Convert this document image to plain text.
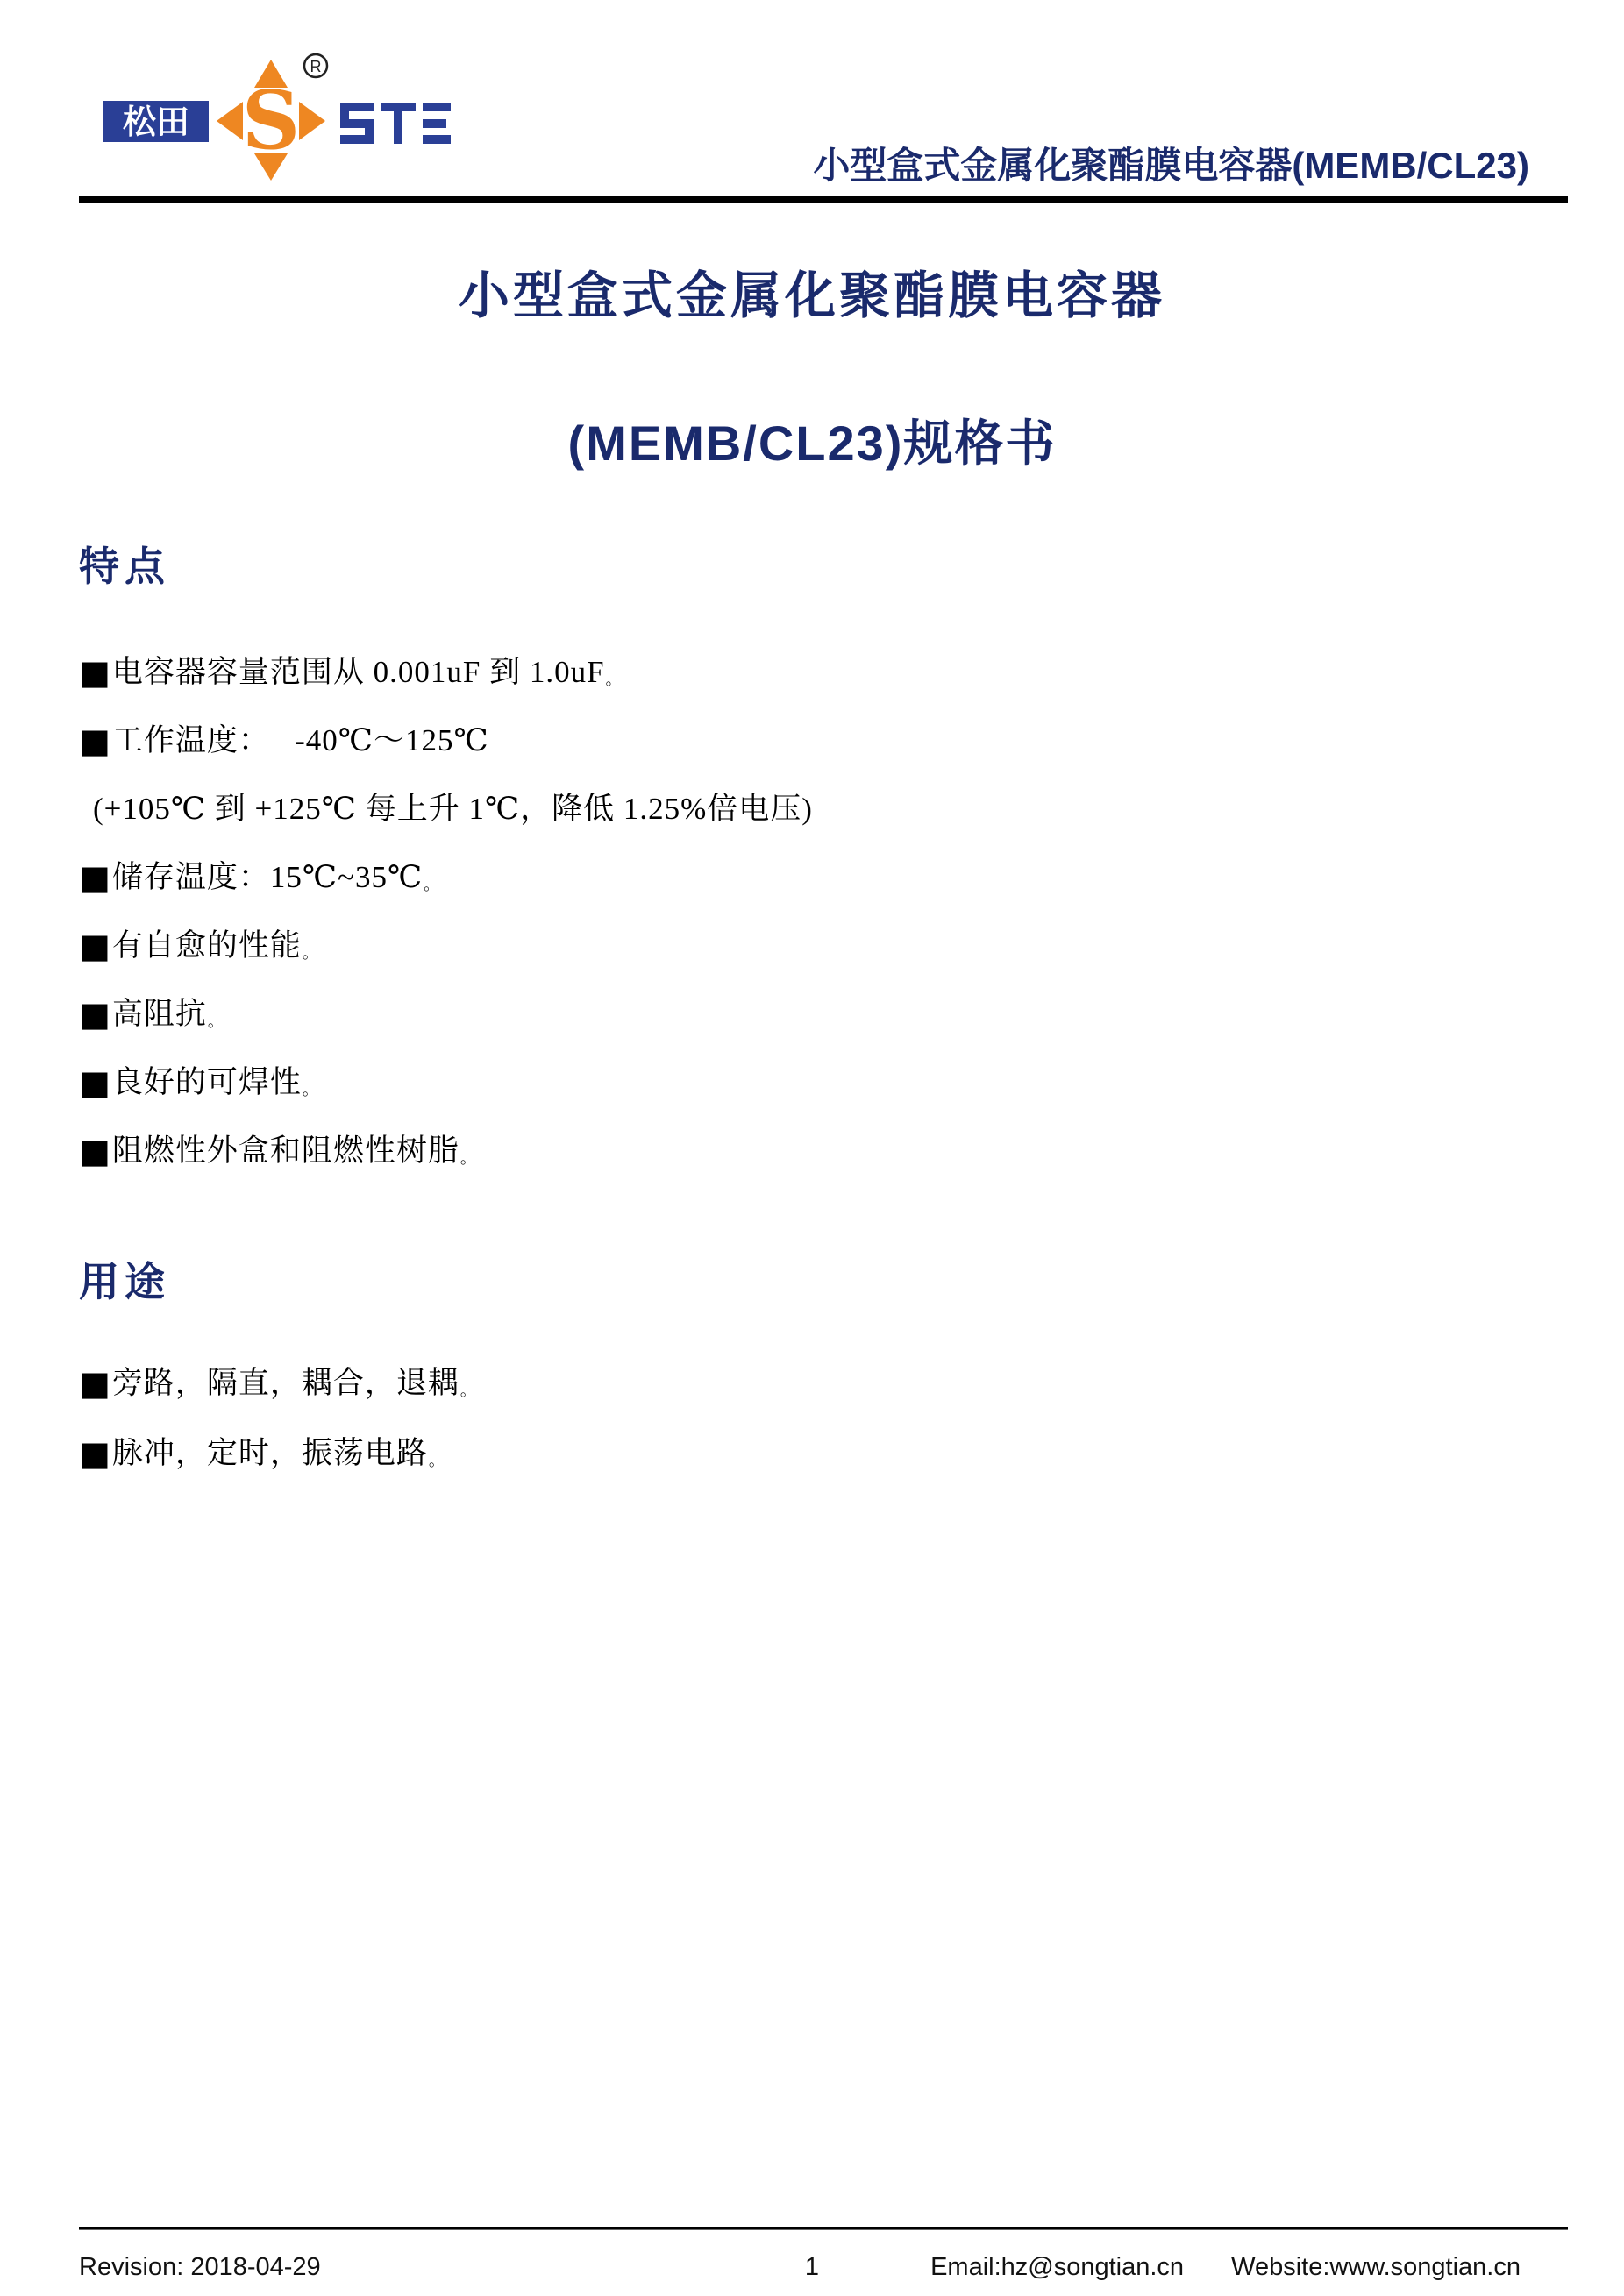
松田 S
R
小型盒式金属化聚酯膜电容器(MEMB/CL23)
小型盒式金属化聚酯膜电容器
(MEMB/CL23)规格书
特点
■ 电容器容量范围从 0.001uF 到 1.0uF 。
■ 工作温度：　 -40℃～125℃
(+105℃ 到 +125℃ 每上升 1℃，降低 1.25%倍电压)
■ 储存温度：15℃~35℃ 。
■ 有自愈的性能 。
■ 高阻抗 。
■ 良好的可焊性 。
■ 阻燃性外盒和阻燃性树脂 。
用途
■ 旁路，隔直，耦合，退耦 。
■ 脉冲，定时，振荡电路 。
Revision: 2018-04-29	1	Email:hz@songtian.cn Website:www.songtian.cn
